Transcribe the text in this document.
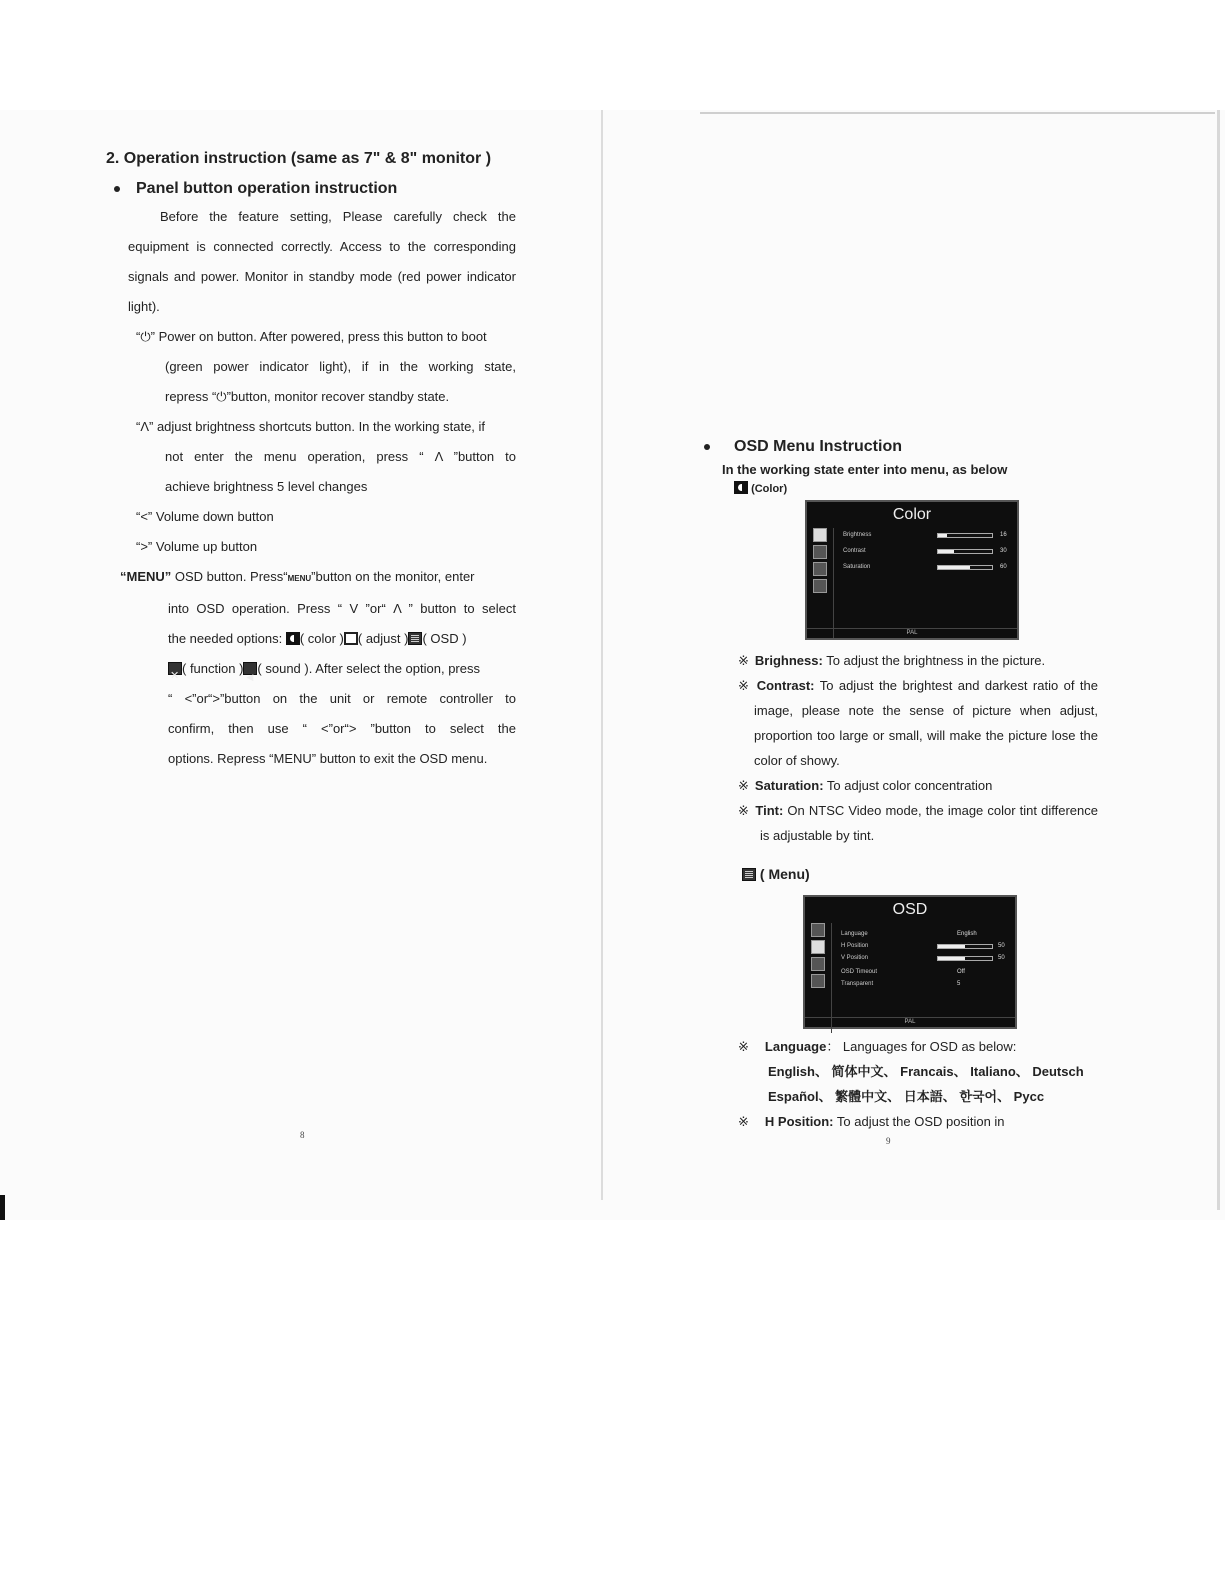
2. Operation instruction (same as 7" & 8" monitor )
Panel button operation instruction
Before the feature setting, Please carefully check the equipment is connected correctly. Access to the corresponding signals and power. Monitor in standby mode (red power indicator light).
“⏻” Power on button. After powered, press this button to boot
(green power indicator light), if in the working state,
repress “⏻”button, monitor recover standby state.
“Λ” adjust brightness shortcuts button. In the working state, if
not enter the menu operation, press “ Λ ”button to
achieve brightness 5 level changes
“<” Volume down button
“>” Volume up button
“MENU” OSD button. Press“MENU”button on the monitor, enter
into OSD operation. Press “ V ”or“ Λ ” button to select
the needed options: ( color ) ( adjust ) ( OSD )
✕( function ) ◀ ( sound ). After select the option, press
“ <”or“>”button on the unit or remote controller to
confirm, then use “ <”or“> ”button to select the
options. Repress “MENU” button to exit the OSD menu.
8
OSD Menu Instruction
In the working state enter into menu, as below
(Color)
Color
Brightness	16
Contrast	30
Saturation	60
PAL
※ Brighness: To adjust the brightness in the picture.
※ Contrast: To adjust the brightest and darkest ratio of the image, please note the sense of picture when adjust, proportion too large or small, will make the picture lose the color of showy.
※ Saturation: To adjust color concentration
※ Tint: On NTSC Video mode, the image color tint difference is adjustable by tint.
( Menu)
OSD
Language	English
H Position	50
V Position	50
OSD Timeout	Off
Transparent	5
PAL
※ Language： Languages for OSD as below:
English、 简体中文、 Francais、 Italiano、 Deutsch
Español、 繁體中文、 日本語、 한국어、 Pycc
※ H Position: To adjust the OSD position in
9
